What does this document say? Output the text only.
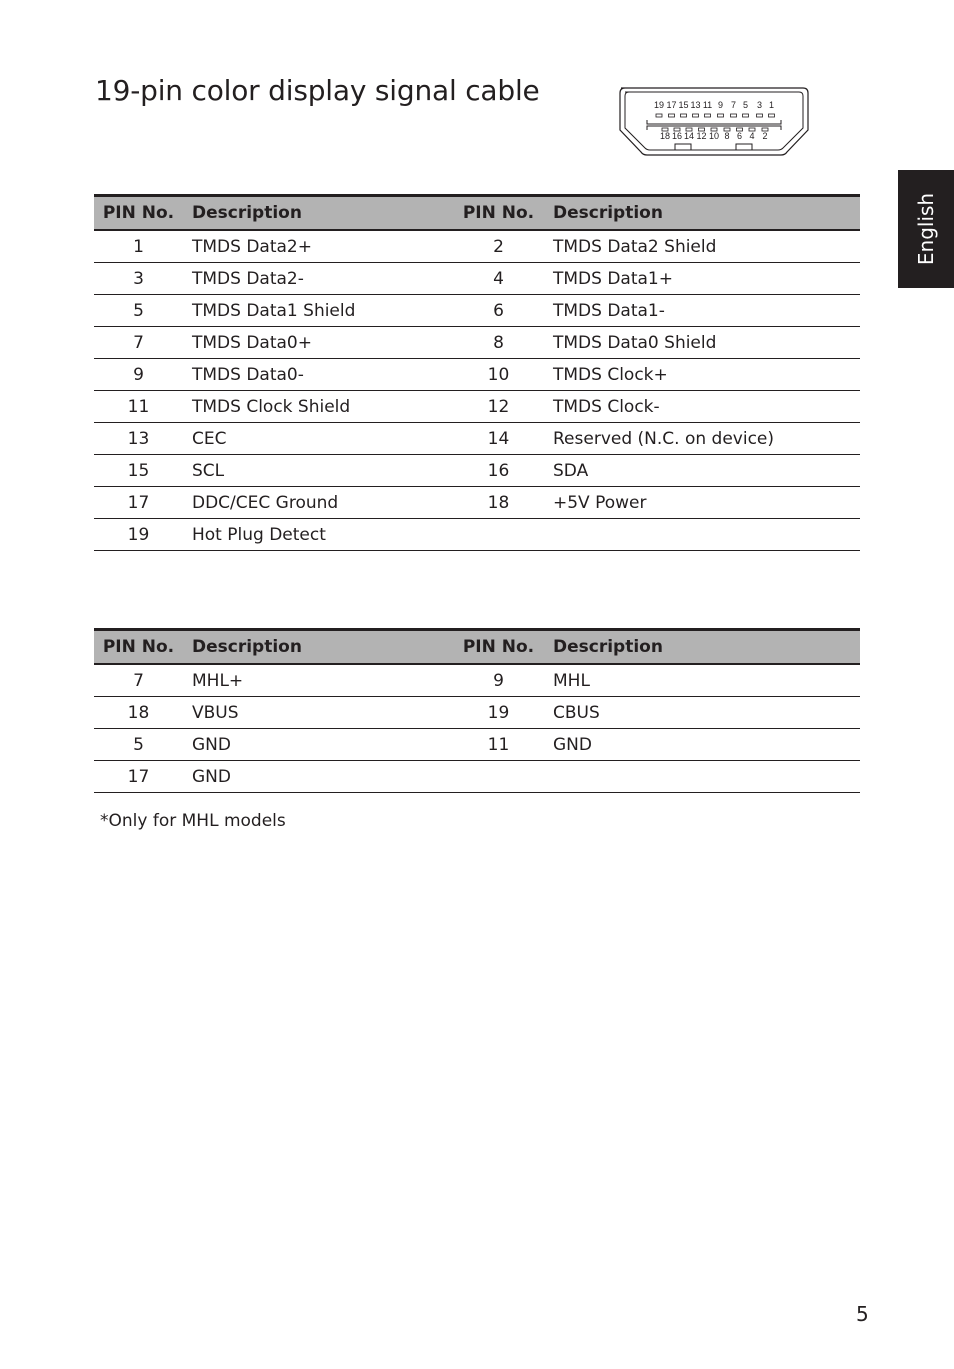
19-pin color display signal cable	19 17 15 13 11 9 7 5 3 1
18 16 14 12 10 8 6 4 2
English
PIN No.	Description	PIN No.	Description
1	TMDS Data2+	2	TMDS Data2 Shield
3	TMDS Data2-	4	TMDS Data1+
5	TMDS Data1 Shield	6	TMDS Data1-
7	TMDS Data0+	8	TMDS Data0 Shield
9	TMDS Data0-	10	TMDS Clock+
11	TMDS Clock Shield	12	TMDS Clock-
13	CEC	14	Reserved (N.C. on device)
15	SCL	16	SDA
17	DDC/CEC Ground	18	+5V Power
19	Hot Plug Detect		
PIN No.	Description	PIN No.	Description
7	MHL+	9	MHL
18	VBUS	19	CBUS
5	GND	11	GND
17	GND		

*Only for MHL models

5
